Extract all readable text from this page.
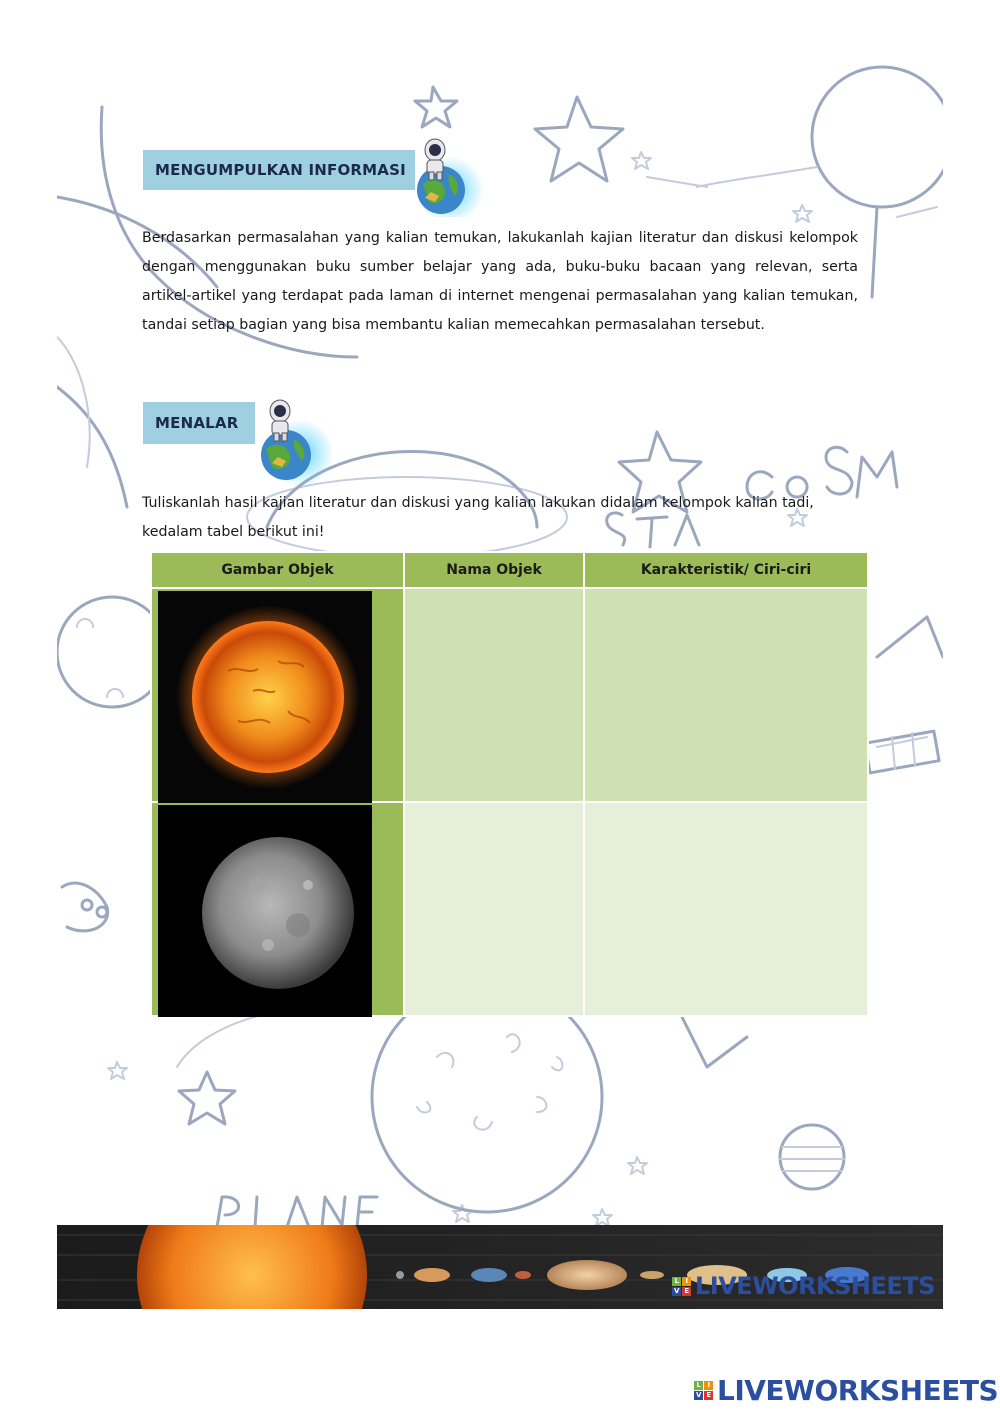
MENGUMPULKAN INFORMASI

Berdasarkan permasalahan yang kalian temukan, lakukanlah kajian literatur dan diskusi kelompok dengan menggunakan buku sumber belajar yang ada, buku-buku bacaan yang relevan, serta artikel-artikel yang terdapat pada laman di internet mengenai permasalahan yang kalian temukan, tandai setiap bagian yang bisa membantu kalian memecahkan permasalahan tersebut.

MENALAR

Tuliskanlah hasil kajian literatur dan diskusi yang kalian lakukan didalam kelompok kalian tadi, kedalam tabel berikut ini!

Gambar Objek	Nama Objek	Karakteristik/ Ciri-ciri

L I
V E LIVEWORKSHEETS
L I
V E LIVEWORKSHEETS
